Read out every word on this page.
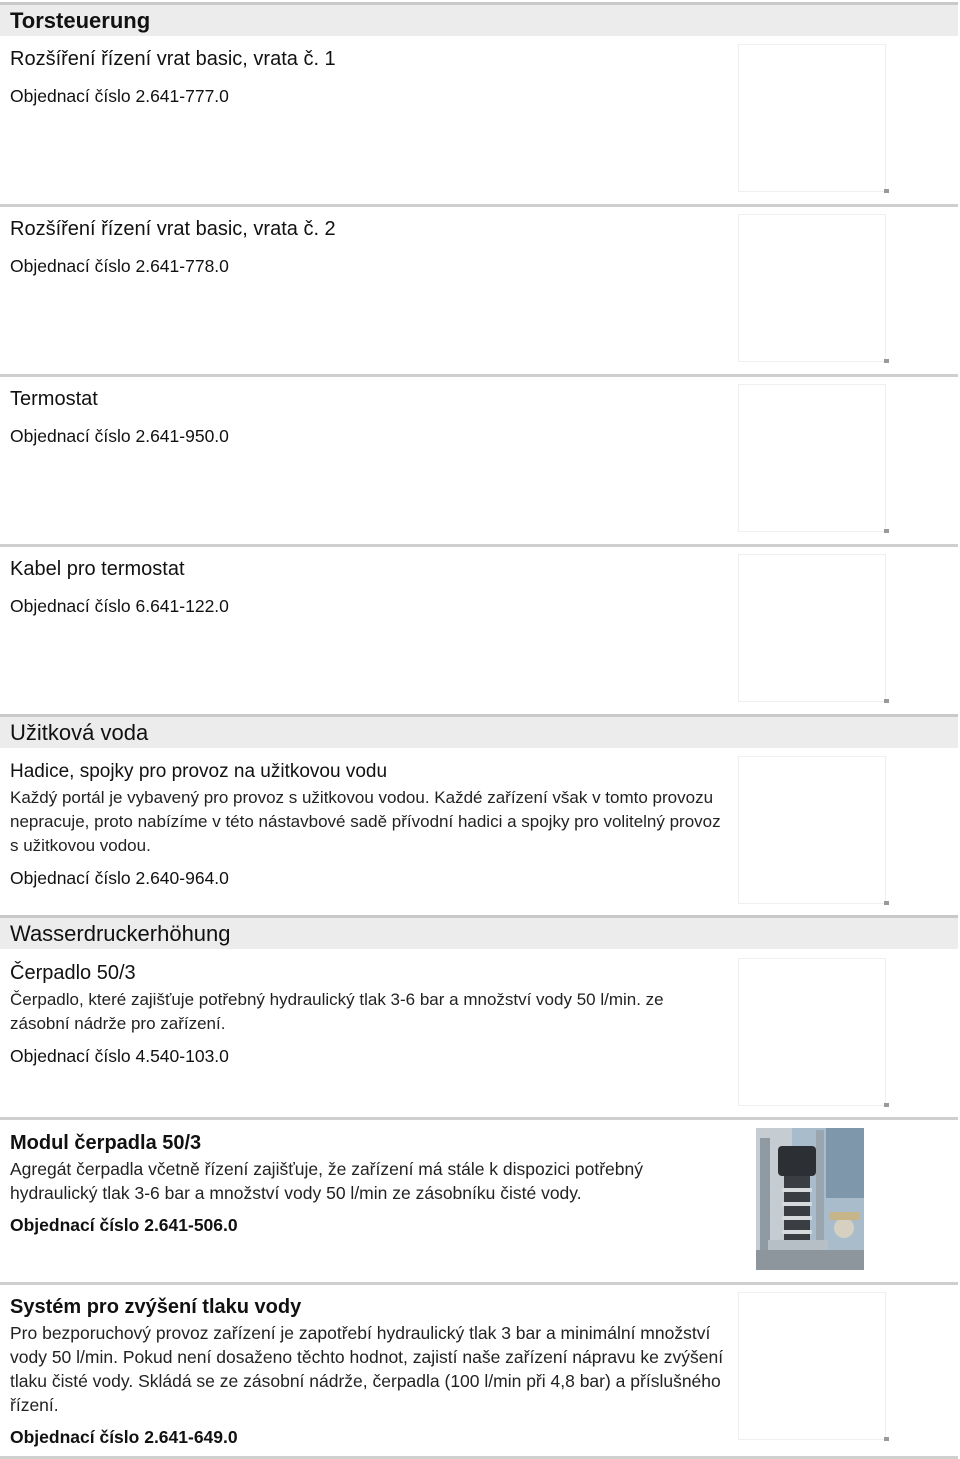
Torsteuerung
Rozšíření řízení vrat basic, vrata č. 1
Objednací číslo 2.641-777.0
Rozšíření řízení vrat basic, vrata č. 2
Objednací číslo 2.641-778.0
Termostat
Objednací číslo 2.641-950.0
Kabel pro termostat
Objednací číslo 6.641-122.0
Užitková voda
Hadice, spojky pro provoz na užitkovou vodu
Každý portál je vybavený pro provoz s užitkovou vodou. Každé zařízení však v tomto provozu nepracuje, proto nabízíme v této nástavbové sadě přívodní hadici a spojky pro volitelný provoz s užitkovou vodou.
Objednací číslo 2.640-964.0
Wasserdruckerhöhung
Čerpadlo 50/3
Čerpadlo, které zajišťuje potřebný hydraulický tlak 3-6 bar a množství vody 50 l/min. ze zásobní nádrže pro zařízení.
Objednací číslo 4.540-103.0
Modul čerpadla 50/3
Agregát čerpadla včetně řízení zajišťuje, že zařízení má stále k dispozici potřebný hydraulický tlak 3-6 bar a množství vody 50 l/min ze zásobníku čisté vody.
Objednací číslo 2.641-506.0
Systém pro zvýšení tlaku vody
Pro bezporuchový provoz zařízení je zapotřebí hydraulický tlak 3 bar a minimální množství vody 50 l/min. Pokud není dosaženo těchto hodnot, zajistí naše zařízení nápravu ke zvýšení tlaku čisté vody. Skládá se ze zásobní nádrže, čerpadla (100 l/min při 4,8 bar) a příslušného řízení.
Objednací číslo 2.641-649.0
